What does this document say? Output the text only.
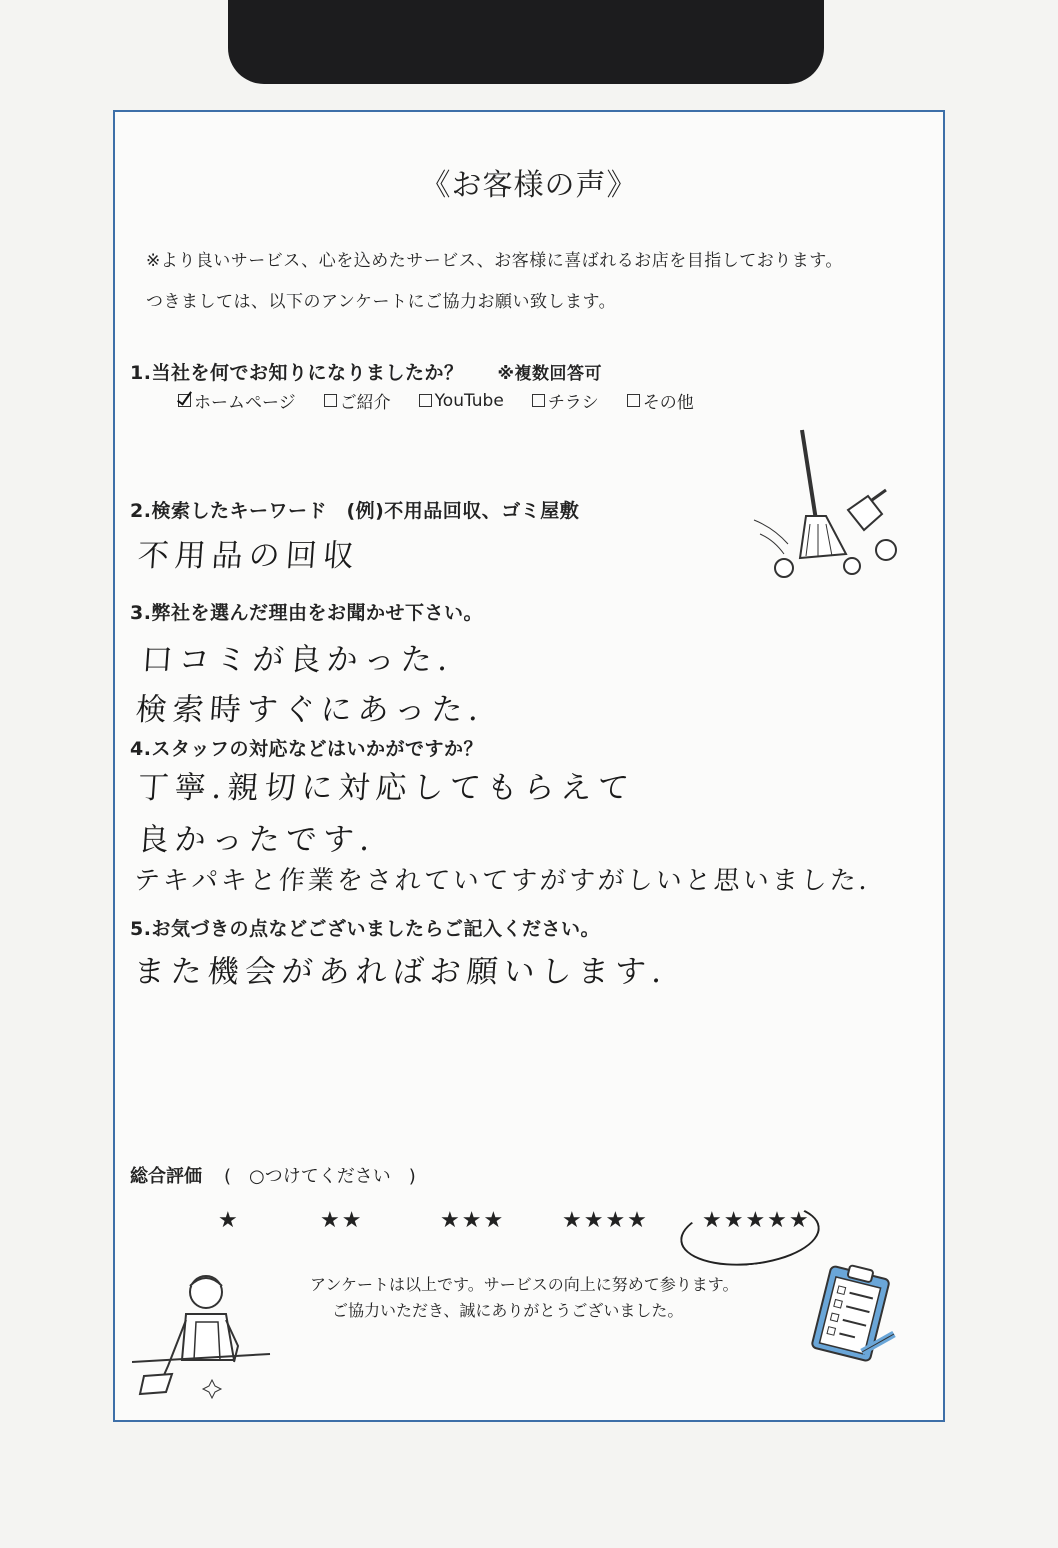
《お客様の声》
※より良いサービス、心を込めたサービス、お客様に喜ばれるお店を目指しております。
つきましては、以下のアンケートにご協力お願い致します。
1.当社を何でお知りになりましたか？ ※複数回答可
ホームページ	ご紹介	YouTube	チラシ	その他
2.検索したキーワード　(例)不用品回収、ゴミ屋敷
不用品の回収
3.弊社を選んだ理由をお聞かせ下さい。
口コミが良かった.
検索時すぐにあった.
4.スタッフの対応などはいかがですか？
丁寧.親切に対応してもらえて
良かったです.
テキパキと作業をされていてすがすがしいと思いました.
5.お気づきの点などございましたらご記入ください。
また機会があればお願いします.
総合評価 (　○つけてください　)
★	★★	★★★	★★★★ ★★★★★
アンケートは以上です。サービスの向上に努めて参ります。
ご協力いただき、誠にありがとうございました。
